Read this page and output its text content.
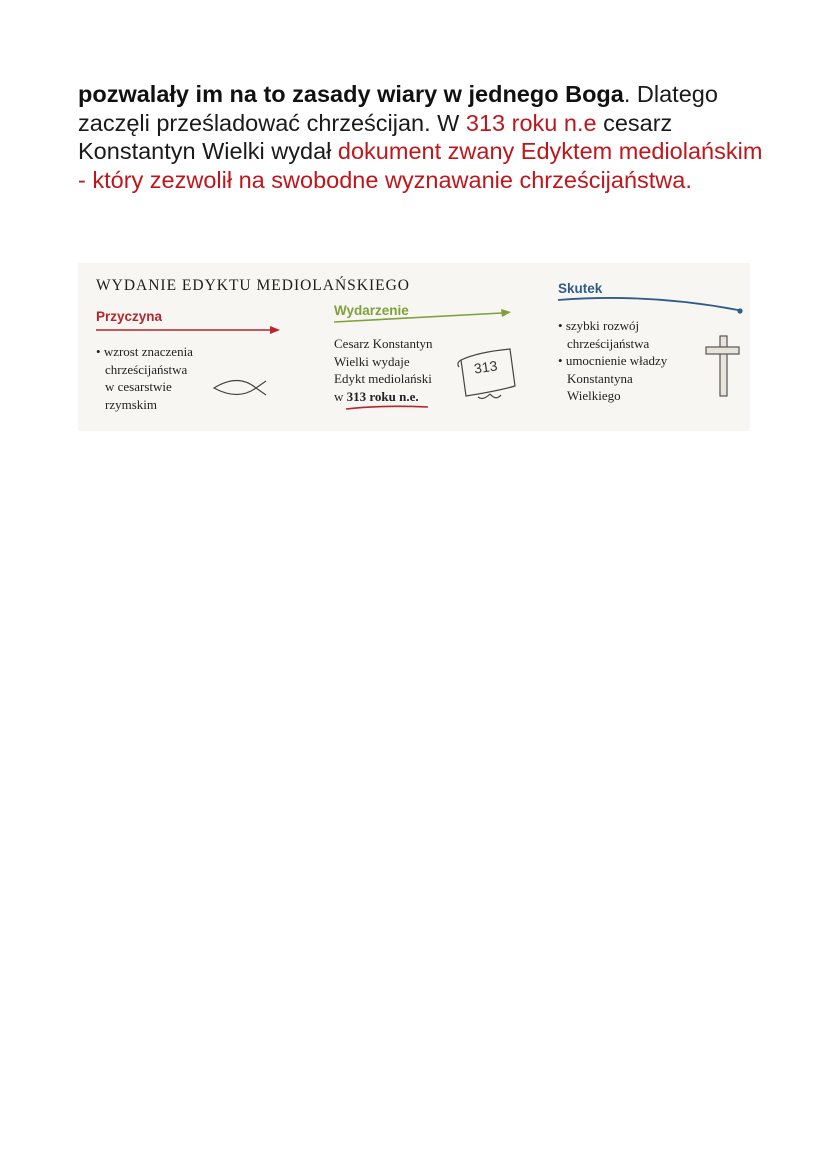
pozwalały im na to zasady wiary w jednego Boga. Dlatego zaczęli prześladować chrześcijan. W 313 roku n.e cesarz Konstantyn Wielki wydał dokument zwany Edyktem mediolańskim - który zezwolił na swobodne wyznawanie chrześcijaństwa.
WYDANIE EDYKTU MEDIOLAŃSKIEGO
Przyczyna	Wydarzenie
Skutek
• wzrost znaczenia
chrześcijaństwa
w cesarstwie
rzymskim
Cesarz Konstantyn
Wielki wydaje
Edykt mediolański
w 313 roku n.e.
• szybki rozwój
chrześcijaństwa
• umocnienie władzy
Konstantyna
Wielkiego
313
